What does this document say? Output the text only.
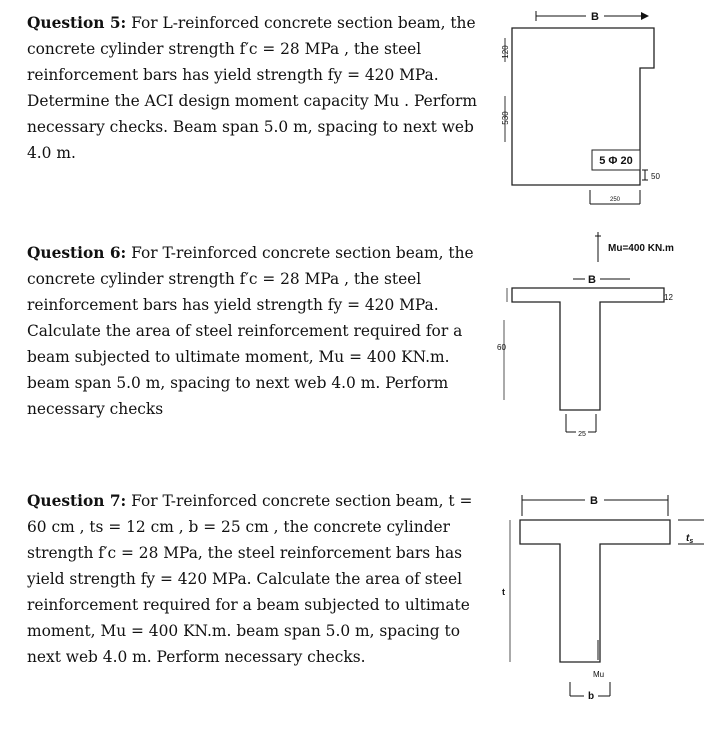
Question 5: For L-reinforced concrete section beam, the concrete cylinder strength f′c = 28 MPa , the steel reinforcement bars has yield strength fy = 420 MPa. Determine the ACI design moment capacity Mu . Perform necessary checks. Beam span 5.0 m, spacing to next web 4.0 m.

Question 6: For T-reinforced concrete section beam, the concrete cylinder strength f′c = 28 MPa , the steel reinforcement bars has yield strength fy = 420 MPa. Calculate the area of steel reinforcement required for a beam subjected to ultimate moment, Mu = 400 KN.m. beam span 5.0 m, spacing to next web 4.0 m. Perform necessary checks

Question 7: For T-reinforced concrete section beam, t = 60 cm , ts = 12 cm , b = 25 cm , the concrete cylinder strength f′c = 28 MPa, the steel reinforcement bars has yield strength fy = 420 MPa. Calculate the area of steel reinforcement required for a beam subjected to ultimate moment, Mu = 400 KN.m. beam span 5.0 m, spacing to next web 4.0 m. Perform necessary checks.

B
120
530
5 Φ 20
50
250
Mu=400 KN.m
B
12
60
25
B
$t_s$
t
Mu
b
